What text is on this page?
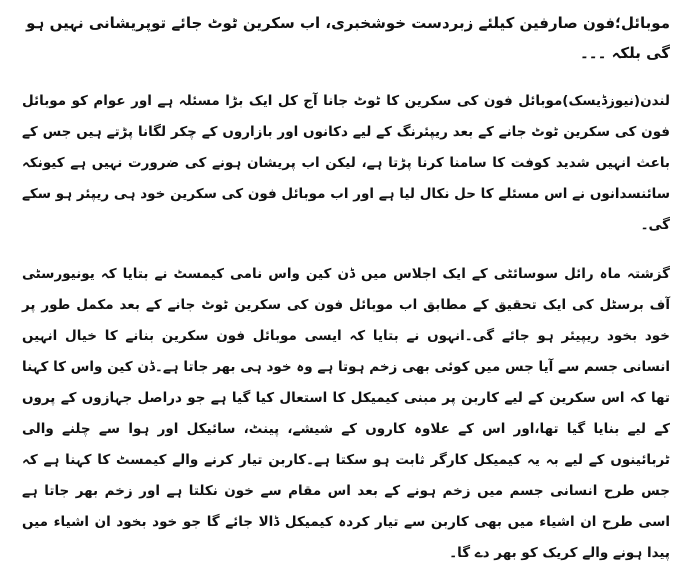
موبائل؛فون صارفین کیلئے زبردست خوشخبری، اب سکرین ٹوٹ جائے توپریشانی نہیں ہو گی بلکہ ۔۔۔

لندن(نیوزڈیسک)موبائل فون کی سکرین کا ٹوٹ جانا آج کل ایک بڑا مسئلہ ہے اور عوام کو موبائل فون کی سکرین ٹوٹ جانے کے بعد ریپئرنگ کے لیے دکانوں اور بازاروں کے چکر لگانا پڑتے ہیں جس کے باعث انہیں شدید کوفت کا سامنا کرنا پڑتا ہے، لیکن اب پریشان ہونے کی ضرورت نہیں ہے کیونکہ سائنسدانوں نے اس مسئلے کا حل نکال لیا ہے اور اب موبائل فون کی سکرین خود ہی ریپئر ہو سکے گی۔

گزشتہ ماہ رائل سوسائٹی کے ایک اجلاس میں ڈن کین واس نامی کیمسٹ نے بتایا کہ یونیورسٹی آف برسٹل کی ایک تحقیق کے مطابق اب موبائل فون کی سکرین ٹوٹ جانے کے بعد مکمل طور پر خود بخود ریپیئر ہو جائے گی۔انہوں نے بتایا کہ ایسی موبائل فون سکرین بنانے کا خیال انہیں انسانی جسم سے آیا جس میں کوئی بھی زخم ہوتا ہے وہ خود ہی بھر جاتا ہے۔ڈن کین واس کا کہنا تھا کہ اس سکرین کے لیے کاربن پر مبنی کیمیکل کا استعال کیا گیا ہے جو دراصل جہازوں کے پروں کے لیے بنایا گیا تھا،اور اس کے علاوہ کاروں کے شیشے، پینٹ، سائیکل اور ہوا سے چلنے والی ٹربائینوں کے لیے بہ یہ کیمیکل کارگر ثابت ہو سکتا ہے۔کاربن تیار کرنے والے کیمسٹ کا کہنا ہے کہ جس طرح انسانی جسم میں زخم ہونے کے بعد اس مقام سے خون نکلتا ہے اور زخم بھر جاتا ہے اسی طرح ان اشیاء میں بھی کاربن سے تیار کردہ کیمیکل ڈالا جائے گا جو خود بخود ان اشیاء میں پیدا ہونے والے کریک کو بھر دے گا۔
